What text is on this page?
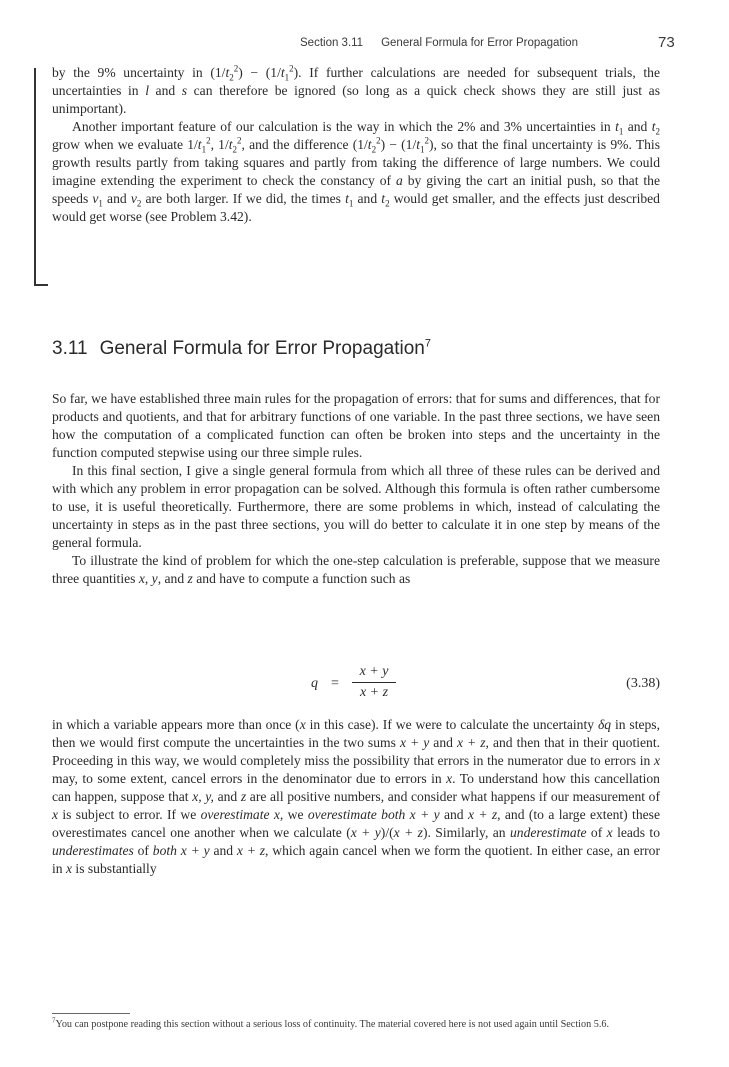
Section 3.11 General Formula for Error Propagation	73

by the 9% uncertainty in $(1/t_2^2) - (1/t_1^2)$. If further calculations are needed for subsequent trials, the uncertainties in l and s can therefore be ignored (so long as a quick check shows they are still just as unimportant).

Another important feature of our calculation is the way in which the 2% and 3% uncertainties in $t_1$ and $t_2$ grow when we evaluate $1/t_1^2$, $1/t_2^2$, and the difference $(1/t_2^2) - (1/t_1^2)$, so that the final uncertainty is 9%. This growth results partly from taking squares and partly from taking the difference of large numbers. We could imagine extending the experiment to check the constancy of a by giving the cart an initial push, so that the speeds $v_1$ and $v_2$ are both larger. If we did, the times $t_1$ and $t_2$ would get smaller, and the effects just described would get worse (see Problem 3.42).

3.11 General Formula for Error Propagation$^7$

So far, we have established three main rules for the propagation of errors: that for sums and differences, that for products and quotients, and that for arbitrary functions of one variable. In the past three sections, we have seen how the computation of a complicated function can often be broken into steps and the uncertainty in the function computed stepwise using our three simple rules.

In this final section, I give a single general formula from which all three of these rules can be derived and with which any problem in error propagation can be solved. Although this formula is often rather cumbersome to use, it is useful theoretically. Furthermore, there are some problems in which, instead of calculating the uncertainty in steps as in the past three sections, you will do better to calculate it in one step by means of the general formula.

To illustrate the kind of problem for which the one-step calculation is preferable, suppose that we measure three quantities x, y, and z and have to compute a function such as

q =
x + y
x + z
(3.38)

in which a variable appears more than once (x in this case). If we were to calculate the uncertainty δq in steps, then we would first compute the uncertainties in the two sums x + y and x + z, and then that in their quotient. Proceeding in this way, we would completely miss the possibility that errors in the numerator due to errors in x may, to some extent, cancel errors in the denominator due to errors in x. To understand how this cancellation can happen, suppose that x, y, and z are all positive numbers, and consider what happens if our measurement of x is subject to error. If we overestimate x, we overestimate both x + y and x + z, and (to a large extent) these overestimates cancel one another when we calculate (x + y)/(x + z). Similarly, an underestimate of x leads to underestimates of both x + y and x + z, which again cancel when we form the quotient. In either case, an error in x is substantially

$^7$You can postpone reading this section without a serious loss of continuity. The material covered here is not used again until Section 5.6.
